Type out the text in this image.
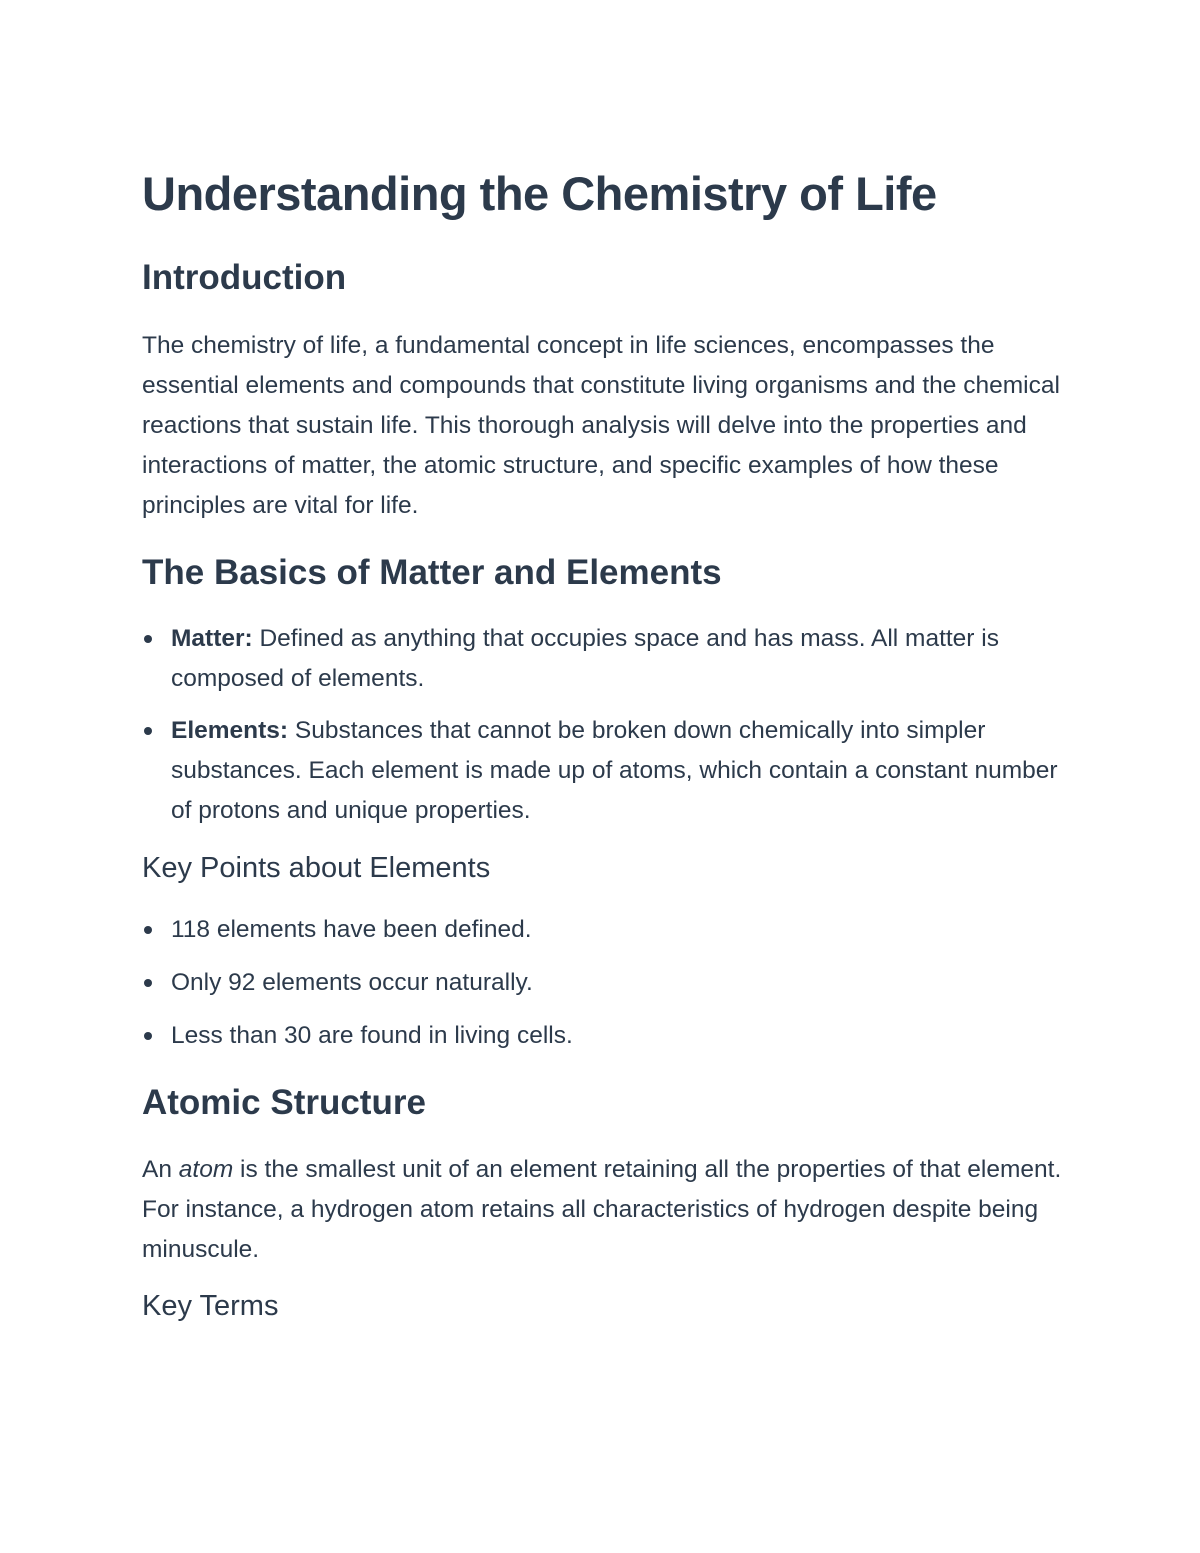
Understanding the Chemistry of Life
Introduction

The chemistry of life, a fundamental concept in life sciences, encompasses the essential elements and compounds that constitute living organisms and the chemical reactions that sustain life. This thorough analysis will delve into the properties and interactions of matter, the atomic structure, and specific examples of how these principles are vital for life.

The Basics of Matter and Elements
Matter: Defined as anything that occupies space and has mass. All matter is composed of elements.
Elements: Substances that cannot be broken down chemically into simpler substances. Each element is made up of atoms, which contain a constant number of protons and unique properties.
Key Points about Elements
118 elements have been defined.
Only 92 elements occur naturally.
Less than 30 are found in living cells.
Atomic Structure

An atom is the smallest unit of an element retaining all the properties of that element. For instance, a hydrogen atom retains all characteristics of hydrogen despite being minuscule.

Key Terms
